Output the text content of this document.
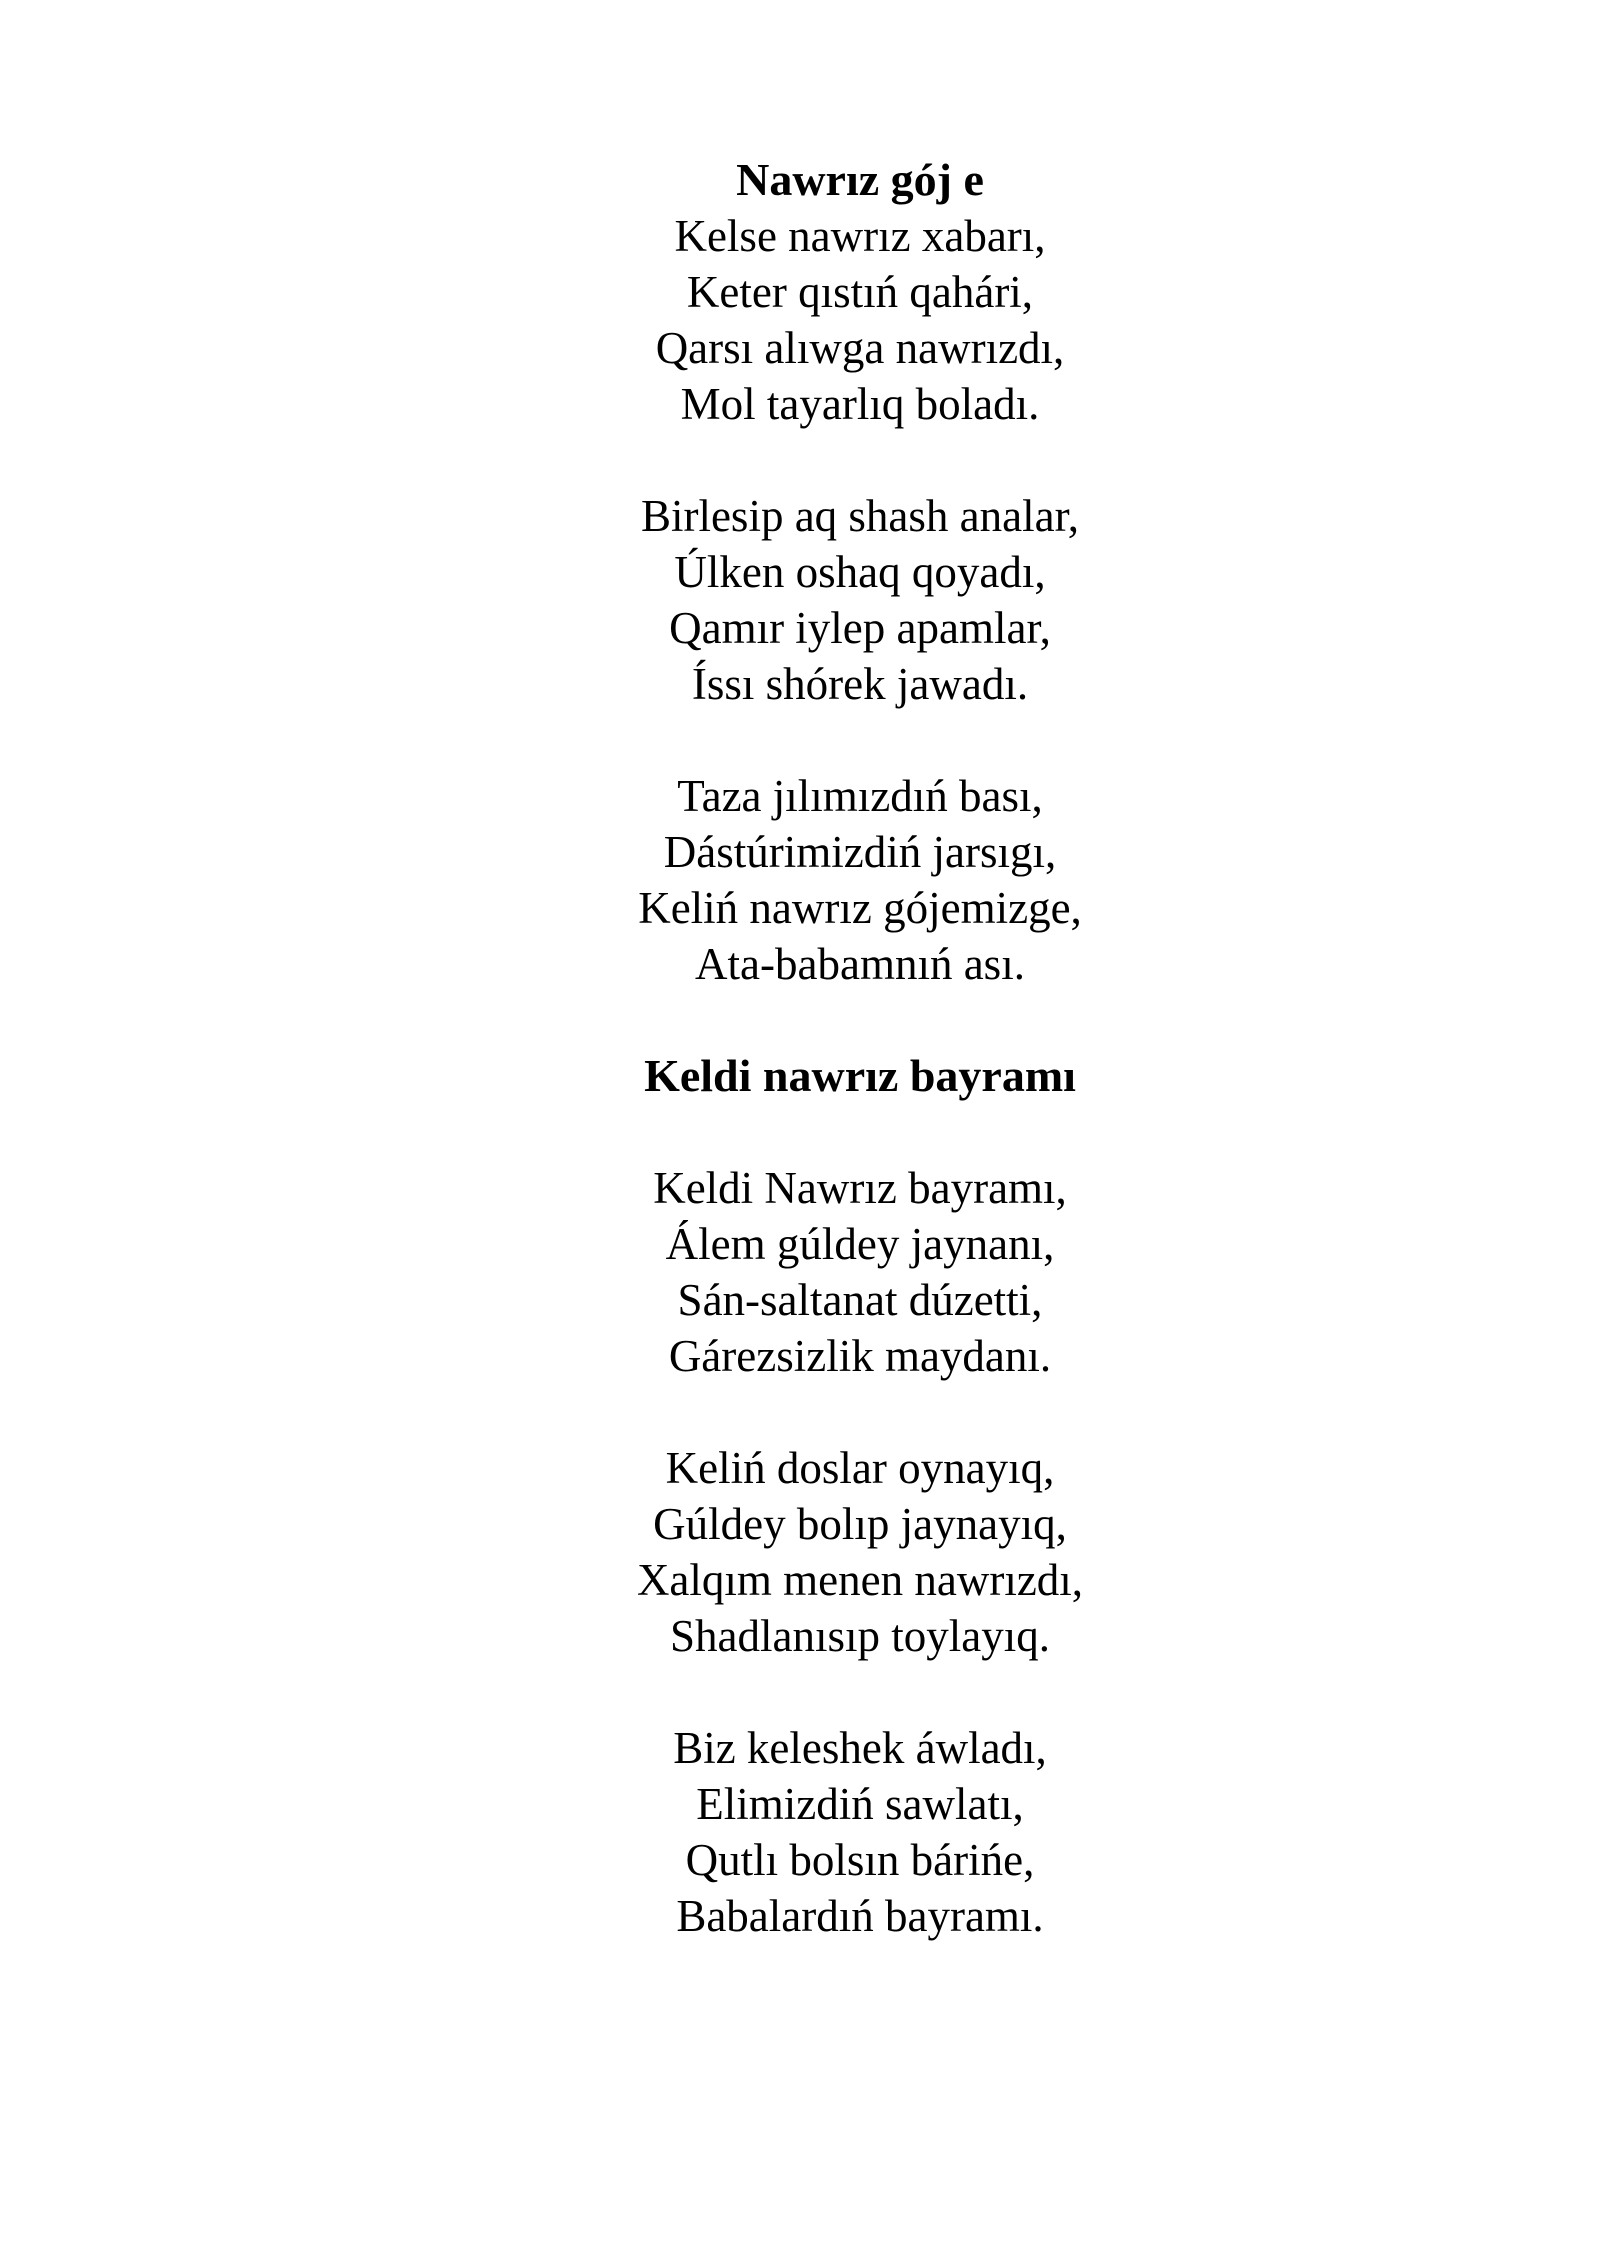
Nawrız gój e
Kelse nawrız xabarı,
Keter qıstıń qahári,
Qarsı alıwga nawrızdı,
Mol tayarlıq boladı.
Birlesip aq shash analar,
Úlken oshaq qoyadı,
Qamır iylep apamlar,
Íssı shórek jawadı.
Taza jılımızdıń bası,
Dástúrimizdiń jarsıgı,
Keliń nawrız gójemizge,
Ata-babamnıń ası.
Keldi nawrız bayramı
Keldi Nawrız bayramı,
Álem gúldey jaynanı,
Sán-saltanat dúzetti,
Gárezsizlik maydanı.
Keliń doslar oynayıq,
Gúldey bolıp jaynayıq,
Xalqım menen nawrızdı,
Shadlanısıp toylayıq.
Biz keleshek áwladı,
Elimizdiń sawlatı,
Qutlı bolsın bárińe,
Babalardıń bayramı.
